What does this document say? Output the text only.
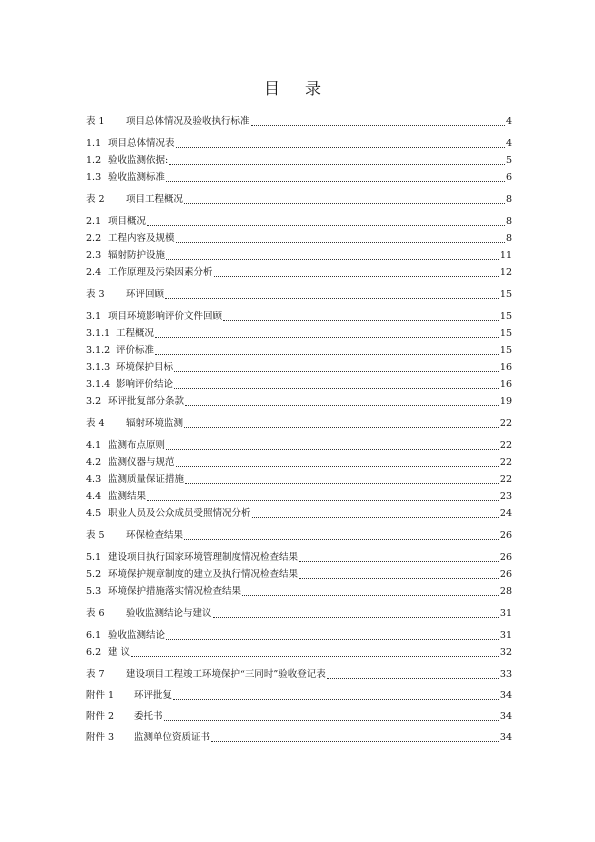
目 录
表 1	项目总体情况及验收执行标准	4
1.1 项目总体情况表	4
1.2 验收监测依据:	5
1.3 验收监测标准	6
表 2	项目工程概况	8
2.1 项目概况	8
2.2 工程内容及规模	8
2.3 辐射防护设施	11
2.4 工作原理及污染因素分析	12
表 3	环评回顾	15
3.1 项目环境影响评价文件回顾	15
3.1.1 工程概况	15
3.1.2 评价标准	15
3.1.3 环境保护目标	16
3.1.4 影响评价结论	16
3.2 环评批复部分条款	19
表 4	辐射环境监测	22
4.1 监测布点原则	22
4.2 监测仪器与规范	22
4.3 监测质量保证措施	22
4.4 监测结果	23
4.5 职业人员及公众成员受照情况分析	24
表 5	环保检查结果	26
5.1 建设项目执行国家环境管理制度情况检查结果	26
5.2 环境保护规章制度的建立及执行情况检查结果	26
5.3 环境保护措施落实情况检查结果	28
表 6	验收监测结论与建议	31
6.1 验收监测结论	31
6.2 建 议	32
表 7	建设项目工程竣工环境保护“三同时”验收登记表	33
附件 1	环评批复	34
附件 2	委托书	34
附件 3	监测单位资质证书	34
